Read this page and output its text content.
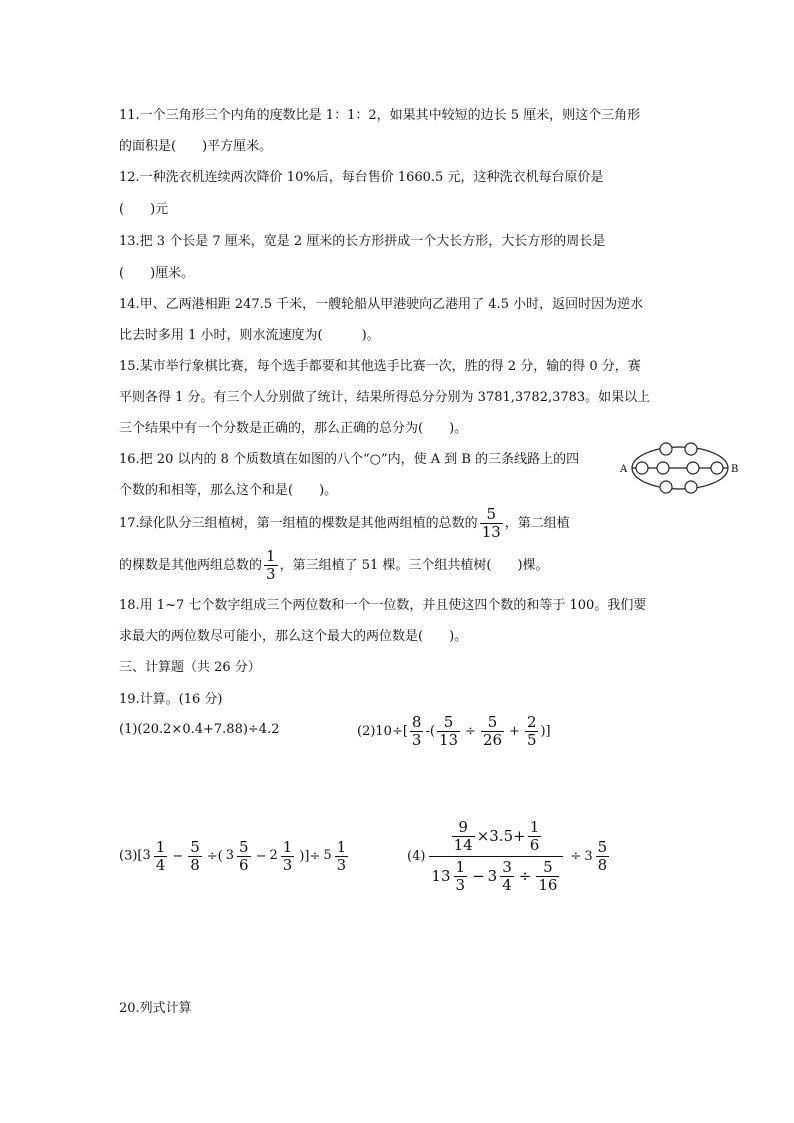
11.一个三角形三个内角的度数比是 1：1：2，如果其中较短的边长 5 厘米，则这个三角形
的面积是(　　)平方厘米。
12.一种洗衣机连续两次降价 10%后，每台售价 1660.5 元，这种洗衣机每台原价是
(　　)元
13.把 3 个长是 7 厘米，宽是 2 厘米的长方形拼成一个大长方形，大长方形的周长是
(　　)厘米。
14.甲、乙两港相距 247.5 千米，一艘轮船从甲港驶向乙港用了 4.5 小时，返回时因为逆水
比去时多用 1 小时，则水流速度为(　　　)。
15.某市举行象棋比赛，每个选手都要和其他选手比赛一次，胜的得 2 分，输的得 0 分，赛
平则各得 1 分。有三个人分别做了统计，结果所得总分分别为 3781,3782,3783。如果以上
三个结果中有一个分数是正确的，那么正确的总分为(　　)。
16.把 20 以内的 8 个质数填在如图的八个“○”内，使 A 到 B 的三条线路上的四
个数的和相等，那么这个和是(　　)。
A	B
17.绿化队分三组植树，第一组植的棵数是其他两组植的总数的 $\frac{5}{13}$ ，第二组植
的棵数是其他两组总数的 $\frac{1}{3}$ ，第三组植了 51 棵。三个组共植树(　　)棵。
18.用 1~7 七个数字组成三个两位数和一个一位数，并且使这四个数的和等于 100。我们要
求最大的两位数尽可能小，那么这个最大的两位数是(　　)。
三、计算题（共 26 分）
19.计算。(16 分)
(1)(20.2×0.4+7.88)÷4.2	$(2)10\div[ \frac{8}{3}$ -( $\frac{5}{13} \div \frac{5}{26} + \frac{2}{5}$ )]
(3)[ $3 \frac{1}{4} - \frac{5}{8}$ ÷( $3 \frac{5}{6} - 2 \frac{1}{3}$ )]÷ $5 \frac{1}{3}$	$(4) \frac{\frac{9}{14} \times 3.5+ \frac{1}{6}}{13 \frac{1}{3} - 3 \frac{3}{4} \div \frac{5}{16}} \div 3 \frac{5}{8}$
20.列式计算
